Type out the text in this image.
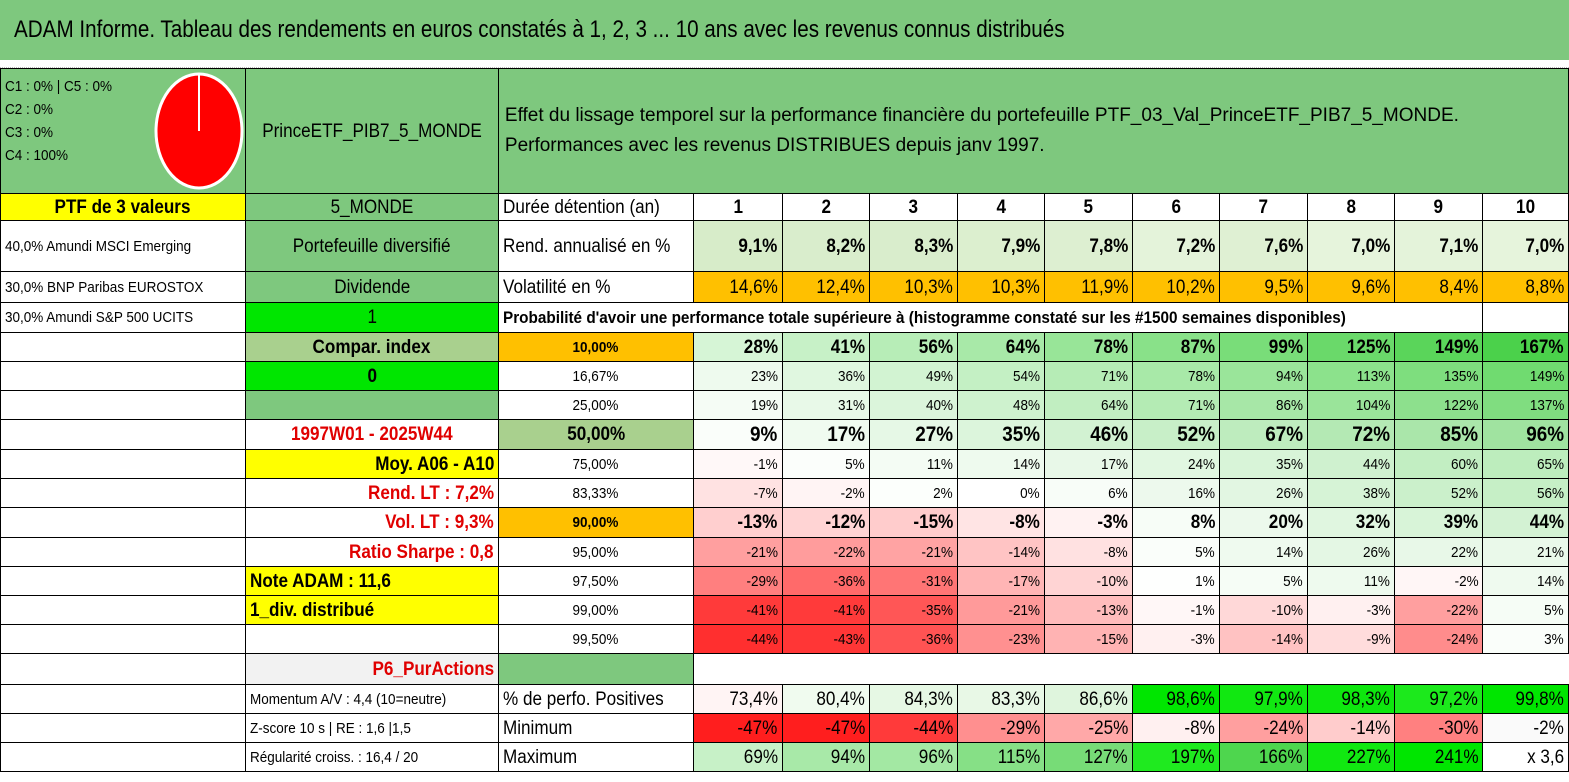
ADAM Informe. Tableau des rendements en euros constatés à 1, 2, 3 ... 10 ans avec les revenus connus distribués
C1 : 0% | C5 : 0%
C2 : 0%
C3 : 0%
C4 : 100%	PrinceETF_PIB7_5_MONDE	Effet du lissage temporel sur la performance financière du portefeuille PTF_03_Val_PrinceETF_PIB7_5_MONDE. Performances avec les revenus DISTRIBUES depuis janv 1997.										
PTF de 3 valeurs	5_MONDE	Durée détention (an)	1	2	3	4	5	6	7	8	9	10
40,0% Amundi MSCI Emerging	Portefeuille diversifié	Rend. annualisé en %	9,1%	8,2%	8,3%	7,9%	7,8%	7,2%	7,6%	7,0%	7,1%	7,0%
30,0% BNP Paribas EUROSTOX	Dividende	Volatilité en %	14,6%	12,4%	10,3%	10,3%	11,9%	10,2%	9,5%	9,6%	8,4%	8,8%
30,0% Amundi S&P 500 UCITS	1	Probabilité d'avoir une performance totale supérieure à (histogramme constaté sur les #1500 semaines disponibles)										
	Compar. index	10,00%	28%	41%	56%	64%	78%	87%	99%	125%	149%	167%
	0	16,67%	23%	36%	49%	54%	71%	78%	94%	113%	135%	149%
		25,00%	19%	31%	40%	48%	64%	71%	86%	104%	122%	137%
	1997W01 - 2025W44	50,00%	9%	17%	27%	35%	46%	52%	67%	72%	85%	96%
	Moy. A06 - A10	75,00%	-1%	5%	11%	14%	17%	24%	35%	44%	60%	65%
	Rend. LT : 7,2%	83,33%	-7%	-2%	2%	0%	6%	16%	26%	38%	52%	56%
	Vol. LT : 9,3%	90,00%	-13%	-12%	-15%	-8%	-3%	8%	20%	32%	39%	44%
	Ratio Sharpe : 0,8	95,00%	-21%	-22%	-21%	-14%	-8%	5%	14%	26%	22%	21%
	Note ADAM : 11,6	97,50%	-29%	-36%	-31%	-17%	-10%	1%	5%	11%	-2%	14%
	1_div. distribué	99,00%	-41%	-41%	-35%	-21%	-13%	-1%	-10%	-3%	-22%	5%
		99,50%	-44%	-43%	-36%	-23%	-15%	-3%	-14%	-9%	-24%	3%
	P6_PurActions											
	Momentum A/V : 4,4 (10=neutre)	% de perfo. Positives	73,4%	80,4%	84,3%	83,3%	86,6%	98,6%	97,9%	98,3%	97,2%	99,8%
	Z-score 10 s | RE : 1,6 |1,5	Minimum	-47%	-47%	-44%	-29%	-25%	-8%	-24%	-14%	-30%	-2%
	Régularité croiss. : 16,4 / 20	Maximum	69%	94%	96%	115%	127%	197%	166%	227%	241%	x 3,6
